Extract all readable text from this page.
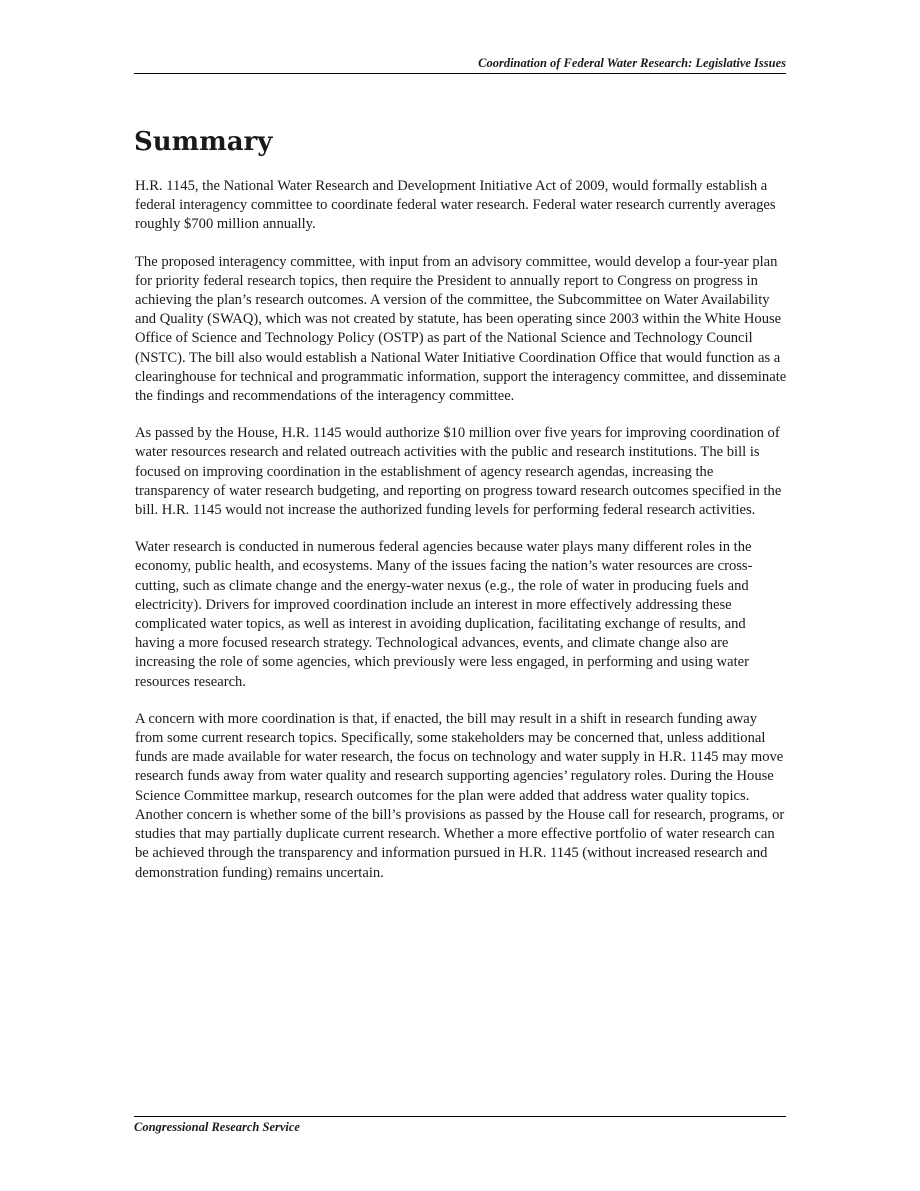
Coordination of Federal Water Research: Legislative Issues
Summary

H.R. 1145, the National Water Research and Development Initiative Act of 2009, would formally establish a federal interagency committee to coordinate federal water research. Federal water research currently averages roughly $700 million annually.

The proposed interagency committee, with input from an advisory committee, would develop a four-year plan for priority federal research topics, then require the President to annually report to Congress on progress in achieving the plan’s research outcomes. A version of the committee, the Subcommittee on Water Availability and Quality (SWAQ), which was not created by statute, has been operating since 2003 within the White House Office of Science and Technology Policy (OSTP) as part of the National Science and Technology Council (NSTC). The bill also would establish a National Water Initiative Coordination Office that would function as a clearinghouse for technical and programmatic information, support the interagency committee, and disseminate the findings and recommendations of the interagency committee.

As passed by the House, H.R. 1145 would authorize $10 million over five years for improving coordination of water resources research and related outreach activities with the public and research institutions. The bill is focused on improving coordination in the establishment of agency research agendas, increasing the transparency of water research budgeting, and reporting on progress toward research outcomes specified in the bill. H.R. 1145 would not increase the authorized funding levels for performing federal research activities.

Water research is conducted in numerous federal agencies because water plays many different roles in the economy, public health, and ecosystems. Many of the issues facing the nation’s water resources are cross-cutting, such as climate change and the energy-water nexus (e.g., the role of water in producing fuels and electricity). Drivers for improved coordination include an interest in more effectively addressing these complicated water topics, as well as interest in avoiding duplication, facilitating exchange of results, and having a more focused research strategy. Technological advances, events, and climate change also are increasing the role of some agencies, which previously were less engaged, in performing and using water resources research.

A concern with more coordination is that, if enacted, the bill may result in a shift in research funding away from some current research topics. Specifically, some stakeholders may be concerned that, unless additional funds are made available for water research, the focus on technology and water supply in H.R. 1145 may move research funds away from water quality and research supporting agencies’ regulatory roles. During the House Science Committee markup, research outcomes for the plan were added that address water quality topics. Another concern is whether some of the bill’s provisions as passed by the House call for research, programs, or studies that may partially duplicate current research. Whether a more effective portfolio of water research can be achieved through the transparency and information pursued in H.R. 1145 (without increased research and demonstration funding) remains uncertain.

Congressional Research Service
